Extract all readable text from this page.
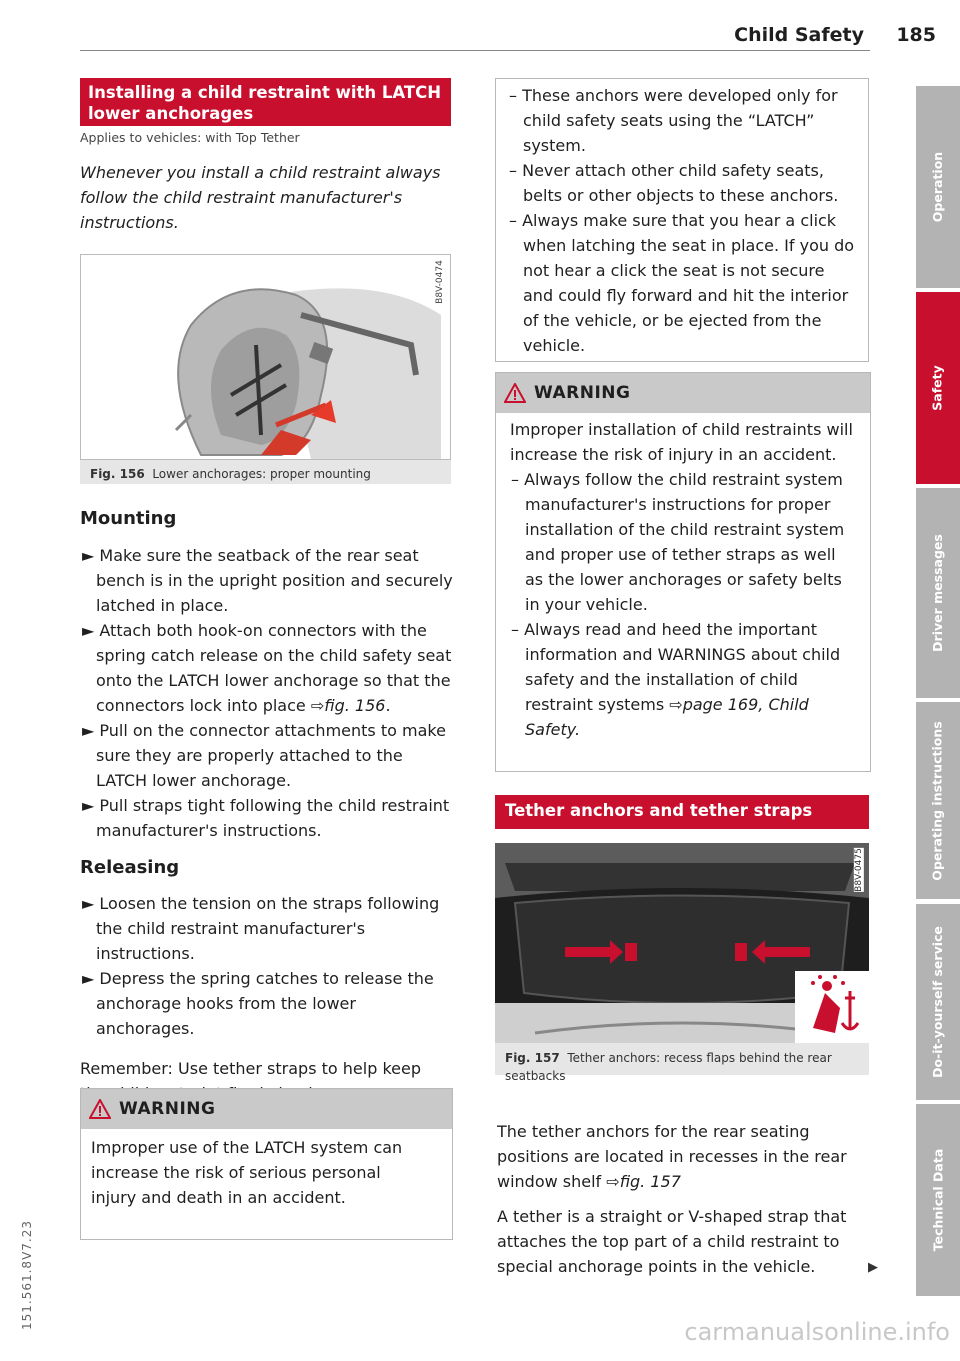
Child Safety 185
Installing a child restraint with LATCH lower anchorages
Applies to vehicles: with Top Tether
Whenever you install a child restraint always follow the child restraint manufacturer's instructions.
B8V-0474
Fig. 156 Lower anchorages: proper mounting
Mounting

► Make sure the seatback of the rear seat bench is in the upright position and securely latched in place.

► Attach both hook-on connectors with the spring catch release on the child safety seat onto the LATCH lower anchorage so that the connectors lock into place ⇨fig. 156.

► Pull on the connector attachments to make sure they are properly attached to the LATCH lower anchorage.

► Pull straps tight following the child restraint manufacturer's instructions.

Releasing

► Loosen the tension on the straps following the child restraint manufacturer's instructions.

► Depress the spring catches to release the anchorage hooks from the lower anchorages.

Remember: Use tether straps to help keep

WARNING

Improper use of the LATCH system can increase the risk of serious personal injury and death in an accident.

– These anchors were developed only for child safety seats using the “LATCH” system.

– Never attach other child safety seats, belts or other objects to these anchors.

– Always make sure that you hear a click when latching the seat in place. If you do not hear a click the seat is not secure and could fly forward and hit the interior of the vehicle, or be ejected from the vehicle.

WARNING

Improper installation of child restraints will increase the risk of injury in an accident.

– Always follow the child restraint system manufacturer's instructions for proper installation of the child restraint system and proper use of tether straps as well as the lower anchorages or safety belts in your vehicle.

– Always read and heed the important information and WARNINGS about child safety and the installation of child restraint systems ⇨page 169, Child Safety.

Tether anchors and tether straps
B8V-0475
Fig. 157 Tether anchors: recess flaps behind the rear seatbacks

The tether anchors for the rear seating positions are located in recesses in the rear window shelf ⇨fig. 157

A tether is a straight or V-shaped strap that attaches the top part of a child restraint to special anchorage points in the vehicle.	▶
Operation
Safety
Driver messages
Operating instructions
Do-it-yourself service
Technical Data
151.561.8V7.23
carmanualsonline.info
